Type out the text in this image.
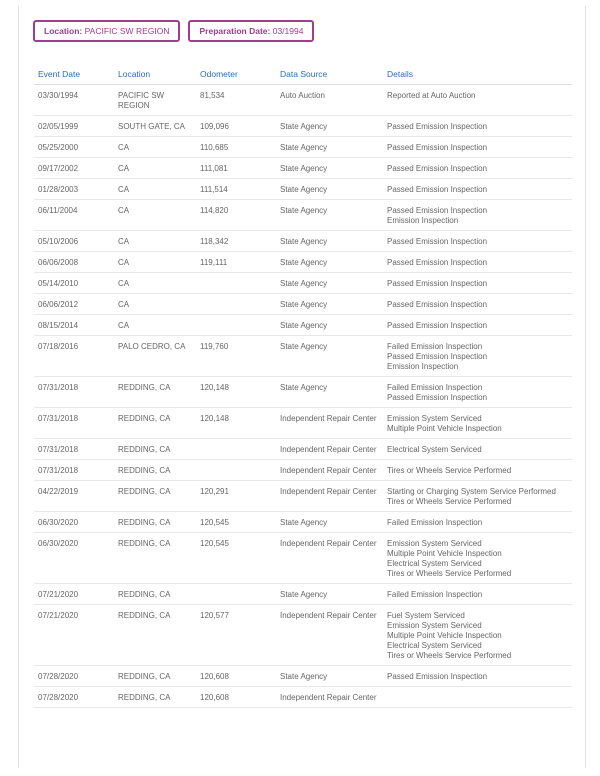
Location: PACIFIC SW REGION	Preparation Date: 03/1994
Event Date	Location	Odometer	Data Source	Details
03/30/1994	PACIFIC SW REGION	81,534	Auto Auction	Reported at Auto Auction

02/05/1999	SOUTH GATE, CA	109,096	State Agency	Passed Emission Inspection

05/25/2000	CA	110,685	State Agency	Passed Emission Inspection

09/17/2002	CA	111,081	State Agency	Passed Emission Inspection

01/28/2003	CA	111,514	State Agency	Passed Emission Inspection

06/11/2004	CA	114,820	State Agency	Passed Emission Inspection
Emission Inspection

05/10/2006	CA	118,342	State Agency	Passed Emission Inspection

06/06/2008	CA	119,111	State Agency	Passed Emission Inspection

05/14/2010	CA		State Agency	Passed Emission Inspection

06/06/2012	CA		State Agency	Passed Emission Inspection

08/15/2014	CA		State Agency	Passed Emission Inspection

07/18/2016	PALO CEDRO, CA	119,760	State Agency	Failed Emission Inspection
Passed Emission Inspection
Emission Inspection

07/31/2018	REDDING, CA	120,148	State Agency	Failed Emission Inspection
Passed Emission Inspection

07/31/2018	REDDING, CA	120,148	Independent Repair Center	Emission System Serviced
Multiple Point Vehicle Inspection

07/31/2018	REDDING, CA		Independent Repair Center	Electrical System Serviced

07/31/2018	REDDING, CA		Independent Repair Center	Tires or Wheels Service Performed

04/22/2019	REDDING, CA	120,291	Independent Repair Center	Starting or Charging System Service Performed
Tires or Wheels Service Performed

06/30/2020	REDDING, CA	120,545	State Agency	Failed Emission Inspection

06/30/2020	REDDING, CA	120,545	Independent Repair Center	Emission System Serviced
Multiple Point Vehicle Inspection
Electrical System Serviced
Tires or Wheels Service Performed

07/21/2020	REDDING, CA		State Agency	Failed Emission Inspection

07/21/2020	REDDING, CA	120,577	Independent Repair Center	Fuel System Serviced
Emission System Serviced
Multiple Point Vehicle Inspection
Electrical System Serviced
Tires or Wheels Service Performed

07/28/2020	REDDING, CA	120,608	State Agency	Passed Emission Inspection

07/28/2020	REDDING, CA	120,608	Independent Repair Center	
